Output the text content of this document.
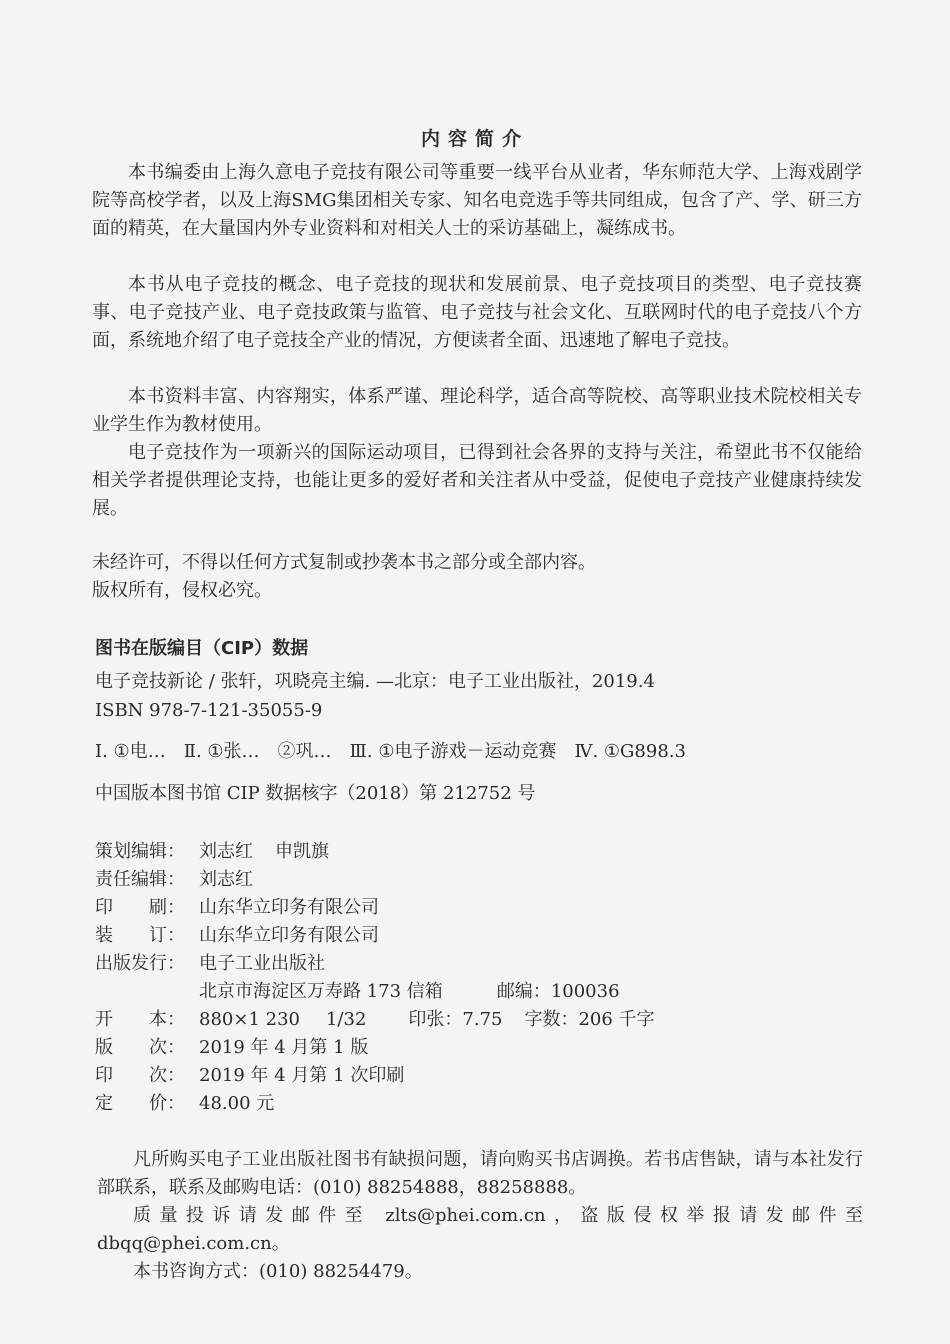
内容简介

本书编委由上海久意电子竞技有限公司等重要一线平台从业者，华东师范大学、上海戏剧学院等高校学者，以及上海SMG集团相关专家、知名电竞选手等共同组成，包含了产、学、研三方面的精英，在大量国内外专业资料和对相关人士的采访基础上，凝练成书。

本书从电子竞技的概念、电子竞技的现状和发展前景、电子竞技项目的类型、电子竞技赛事、电子竞技产业、电子竞技政策与监管、电子竞技与社会文化、互联网时代的电子竞技八个方面，系统地介绍了电子竞技全产业的情况，方便读者全面、迅速地了解电子竞技。

本书资料丰富、内容翔实，体系严谨、理论科学，适合高等院校、高等职业技术院校相关专业学生作为教材使用。

电子竞技作为一项新兴的国际运动项目，已得到社会各界的支持与关注，希望此书不仅能给相关学者提供理论支持，也能让更多的爱好者和关注者从中受益，促使电子竞技产业健康持续发展。

未经许可，不得以任何方式复制或抄袭本书之部分或全部内容。
版权所有，侵权必究。
图书在版编目（CIP）数据
电子竞技新论 / 张轩，巩晓亮主编. —北京：电子工业出版社，2019.4
ISBN 978-7-121-35055-9
Ⅰ. ①电… Ⅱ. ①张… ②巩… Ⅲ. ①电子游戏－运动竞赛 Ⅳ. ①G898.3
中国版本图书馆 CIP 数据核字（2018）第 212752 号
策划编辑： 刘志红 申凯旗
责任编辑： 刘志红
印　　刷： 山东华立印务有限公司
装　　订： 山东华立印务有限公司
出版发行： 电子工业出版社
北京市海淀区万寿路 173 信箱	邮编：100036
开　　本： 880×1 230 1/32 印张：7.75 字数：206 千字
版　　次： 2019 年 4 月第 1 版
印　　次： 2019 年 4 月第 1 次印刷
定　　价： 48.00 元

凡所购买电子工业出版社图书有缺损问题，请向购买书店调换。若书店售缺，请与本社发行部联系，联系及邮购电话：(010) 88254888，88258888。

质量投诉请发邮件至 zlts@phei.com.cn，盗版侵权举报请发邮件至 dbqq@phei.com.cn。

本书咨询方式：(010) 88254479。
